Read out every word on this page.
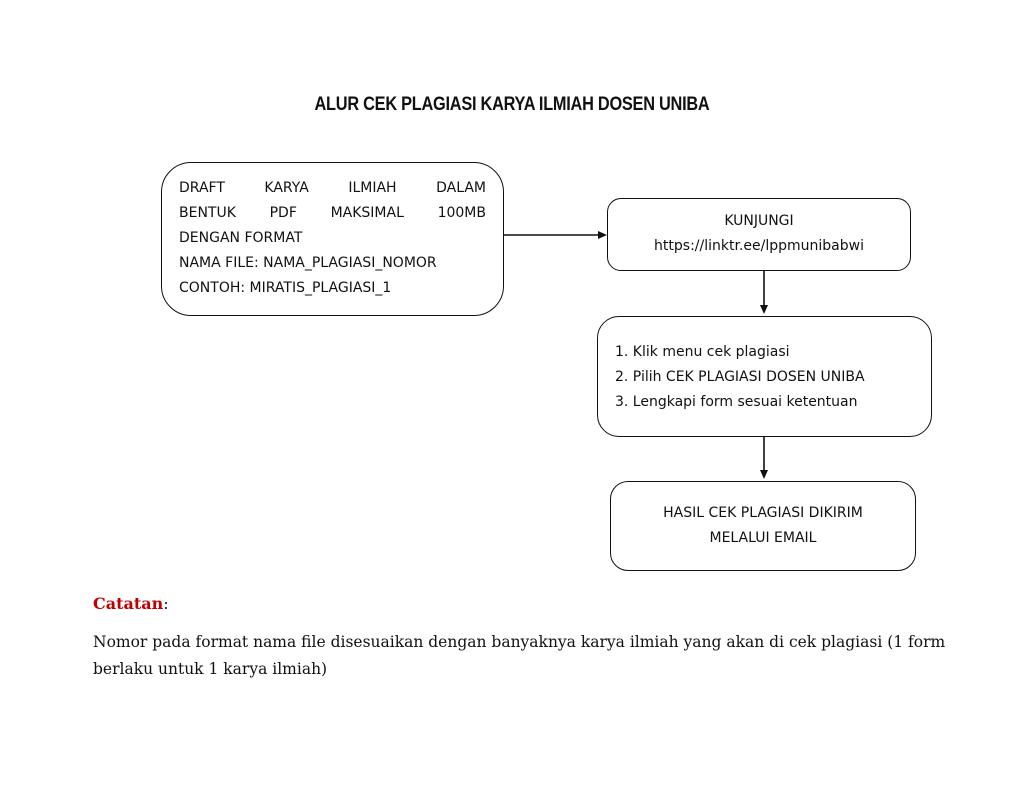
ALUR CEK PLAGIASI KARYA ILMIAH DOSEN UNIBA
DRAFT KARYA ILMIAH DALAM
BENTUK PDF MAKSIMAL 100MB
DENGAN FORMAT
NAMA FILE: NAMA_PLAGIASI_NOMOR
CONTOH: MIRATIS_PLAGIASI_1
KUNJUNGI
https://linktr.ee/lppmunibabwi
1. Klik menu cek plagiasi
2. Pilih CEK PLAGIASI DOSEN UNIBA
3. Lengkapi form sesuai ketentuan
HASIL CEK PLAGIASI DIKIRIM
MELALUI EMAIL
Catatan:
Nomor pada format nama file disesuaikan dengan banyaknya karya ilmiah yang akan di cek plagiasi (1 form berlaku untuk 1 karya ilmiah)
